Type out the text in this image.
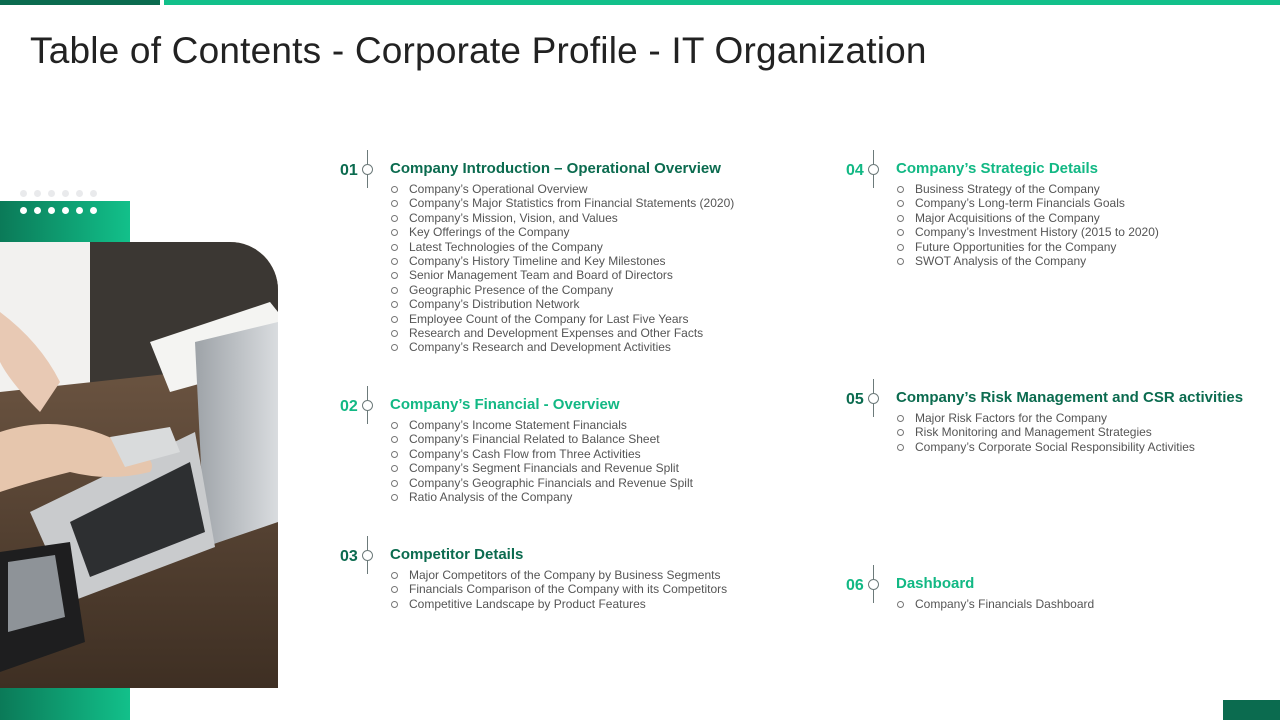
Table of Contents - Corporate Profile - IT Organization
01	Company Introduction – Operational Overview
Company’s Operational Overview
Company’s Major Statistics from Financial Statements (2020)
Company’s Mission, Vision, and Values
Key Offerings of the Company
Latest Technologies of the Company
Company’s History Timeline and Key Milestones
Senior Management Team and Board of Directors
Geographic Presence of the Company
Company’s Distribution Network
Employee Count of the Company for Last Five Years
Research and Development Expenses and Other Facts
Company’s Research and Development Activities
02	Company’s Financial - Overview
Company’s Income Statement Financials
Company’s Financial Related to Balance Sheet
Company’s Cash Flow from Three Activities
Company’s Segment Financials and Revenue Split
Company’s Geographic Financials and Revenue Spilt
Ratio Analysis of the Company
03	Competitor Details
Major Competitors of the Company by Business Segments
Financials Comparison of the Company with its Competitors
Competitive Landscape by Product Features
04	Company’s Strategic Details
Business Strategy of the Company
Company’s Long-term Financials Goals
Major Acquisitions of the Company
Company’s Investment History (2015 to 2020)
Future Opportunities for the Company
SWOT Analysis of the Company
05	Company’s Risk Management and CSR activities
Major Risk Factors for the Company
Risk Monitoring and Management Strategies
Company’s Corporate Social Responsibility Activities
06	Dashboard
Company’s Financials Dashboard
